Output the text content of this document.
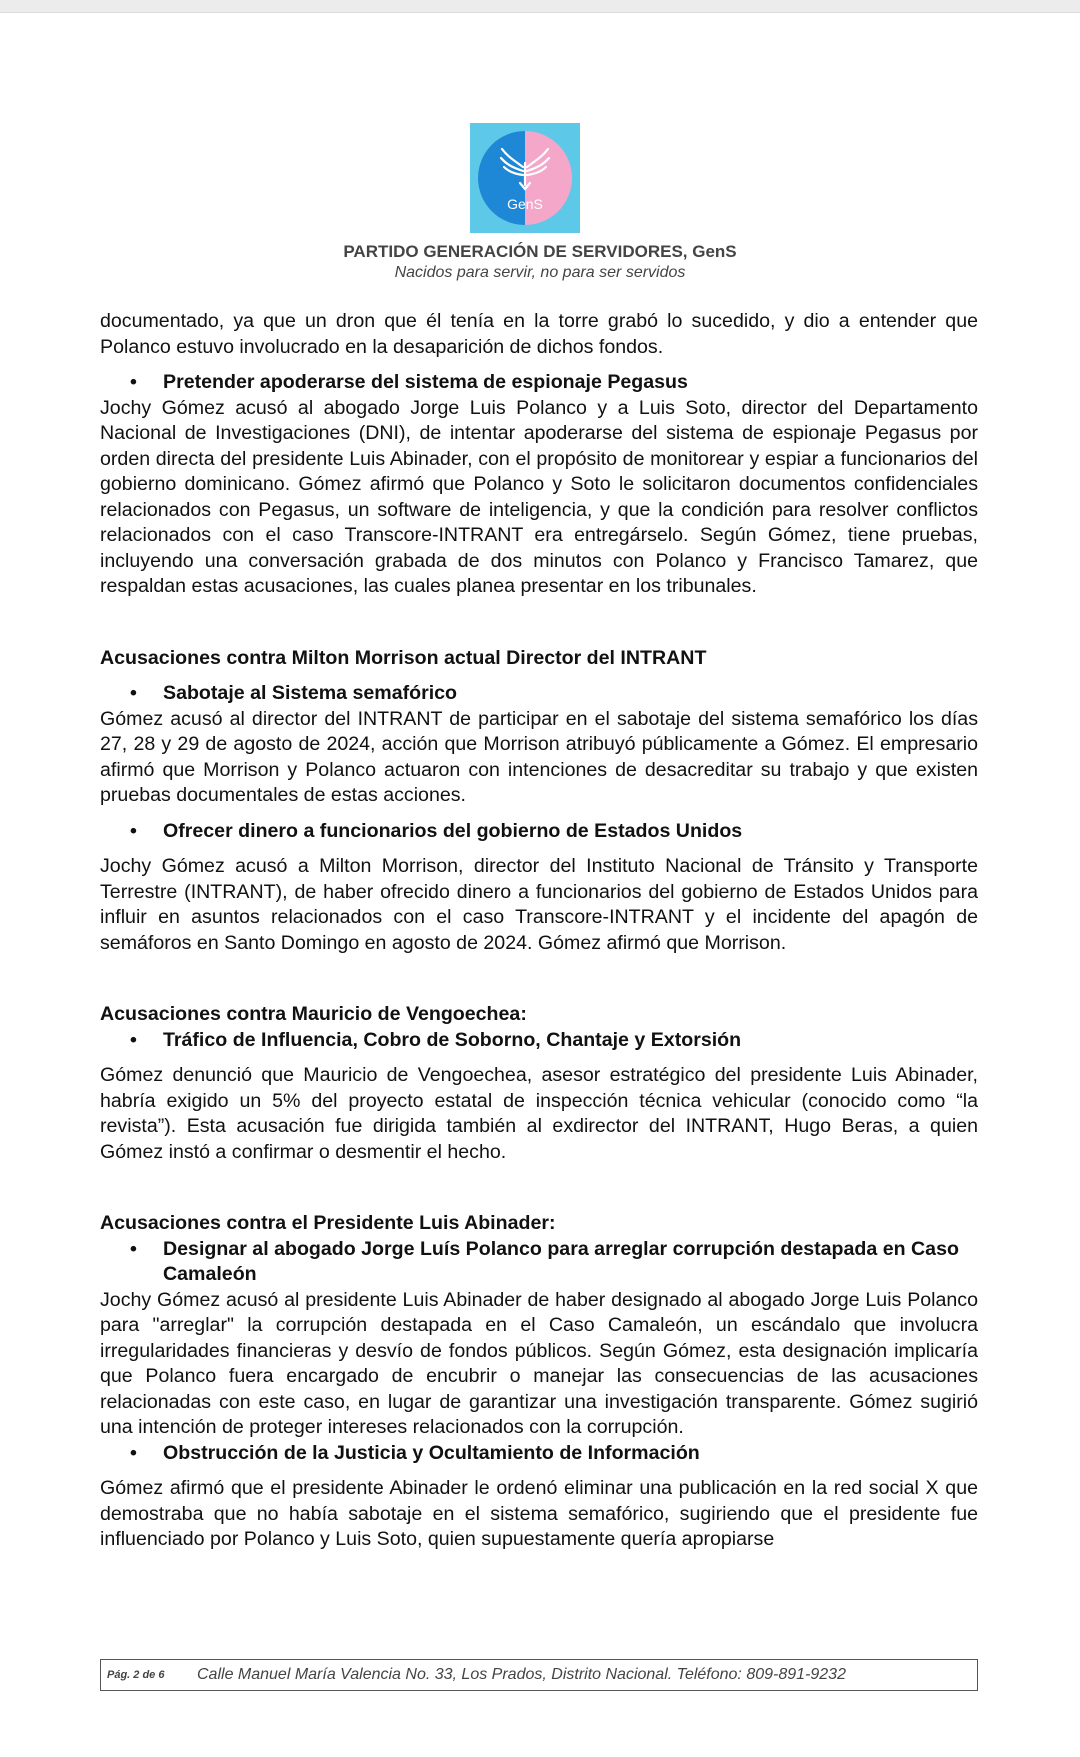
GenS
PARTIDO GENERACIÓN DE SERVIDORES, GenS
Nacidos para servir, no para ser servidos

documentado, ya que un dron que él tenía en la torre grabó lo sucedido, y dio a entender que Polanco estuvo involucrado en la desaparición de dichos fondos.

•	Pretender apoderarse del sistema de espionaje Pegasus

Jochy Gómez acusó al abogado Jorge Luis Polanco y a Luis Soto, director del Departamento Nacional de Investigaciones (DNI), de intentar apoderarse del sistema de espionaje Pegasus por orden directa del presidente Luis Abinader, con el propósito de monitorear y espiar a funcionarios del gobierno dominicano. Gómez afirmó que Polanco y Soto le solicitaron documentos confidenciales relacionados con Pegasus, un software de inteligencia, y que la condición para resolver conflictos relacionados con el caso Transcore-INTRANT era entregárselo. Según Gómez, tiene pruebas, incluyendo una conversación grabada de dos minutos con Polanco y Francisco Tamarez, que respaldan estas acusaciones, las cuales planea presentar en los tribunales.

Acusaciones contra Milton Morrison actual Director del INTRANT

•	Sabotaje al Sistema semafórico

Gómez acusó al director del INTRANT de participar en el sabotaje del sistema semafórico los días 27, 28 y 29 de agosto de 2024, acción que Morrison atribuyó públicamente a Gómez. El empresario afirmó que Morrison y Polanco actuaron con intenciones de desacreditar su trabajo y que existen pruebas documentales de estas acciones.

•	Ofrecer dinero a funcionarios del gobierno de Estados Unidos

Jochy Gómez acusó a Milton Morrison, director del Instituto Nacional de Tránsito y Transporte Terrestre (INTRANT), de haber ofrecido dinero a funcionarios del gobierno de Estados Unidos para influir en asuntos relacionados con el caso Transcore-INTRANT y el incidente del apagón de semáforos en Santo Domingo en agosto de 2024. Gómez afirmó que Morrison.

Acusaciones contra Mauricio de Vengoechea:

•	Tráfico de Influencia, Cobro de Soborno, Chantaje y Extorsión

Gómez denunció que Mauricio de Vengoechea, asesor estratégico del presidente Luis Abinader, habría exigido un 5% del proyecto estatal de inspección técnica vehicular (conocido como “la revista”). Esta acusación fue dirigida también al exdirector del INTRANT, Hugo Beras, a quien Gómez instó a confirmar o desmentir el hecho.

Acusaciones contra el Presidente Luis Abinader:

•	Designar al abogado Jorge Luís Polanco para arreglar corrupción destapada en Caso Camaleón

Jochy Gómez acusó al presidente Luis Abinader de haber designado al abogado Jorge Luis Polanco para "arreglar" la corrupción destapada en el Caso Camaleón, un escándalo que involucra irregularidades financieras y desvío de fondos públicos. Según Gómez, esta designación implicaría que Polanco fuera encargado de encubrir o manejar las consecuencias de las acusaciones relacionadas con este caso, en lugar de garantizar una investigación transparente. Gómez sugirió una intención de proteger intereses relacionados con la corrupción.

•	Obstrucción de la Justicia y Ocultamiento de Información

Gómez afirmó que el presidente Abinader le ordenó eliminar una publicación en la red social X que demostraba que no había sabotaje en el sistema semafórico, sugiriendo que el presidente fue influenciado por Polanco y Luis Soto, quien supuestamente quería apropiarse

Pág. 2 de 6	Calle Manuel María Valencia No. 33, Los Prados, Distrito Nacional. Teléfono: 809-891-9232
